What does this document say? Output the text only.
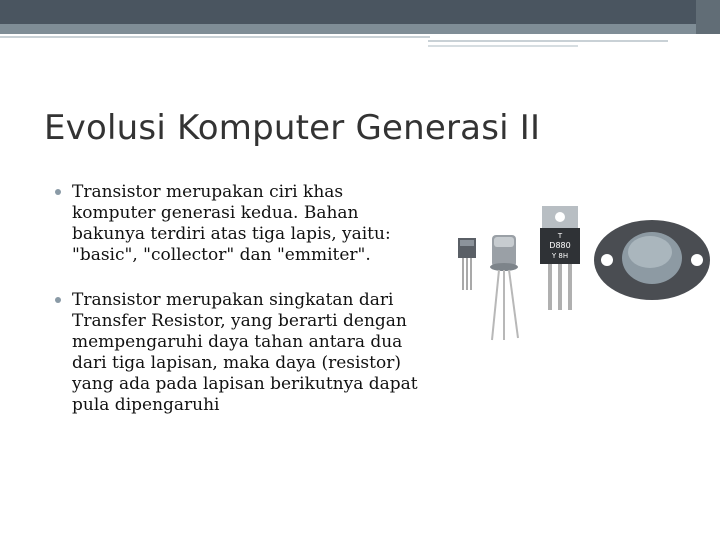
Evolusi Komputer Generasi II
Transistor merupakan ciri khas komputer generasi kedua. Bahan bakunya terdiri atas tiga lapis, yaitu: "basic", "collector" dan "emmiter".
Transistor merupakan singkatan dari Transfer Resistor, yang berarti dengan mempengaruhi daya tahan antara dua dari tiga lapisan, maka daya (resistor) yang ada pada lapisan berikutnya dapat pula dipengaruhi
T
D880
Y 8H
